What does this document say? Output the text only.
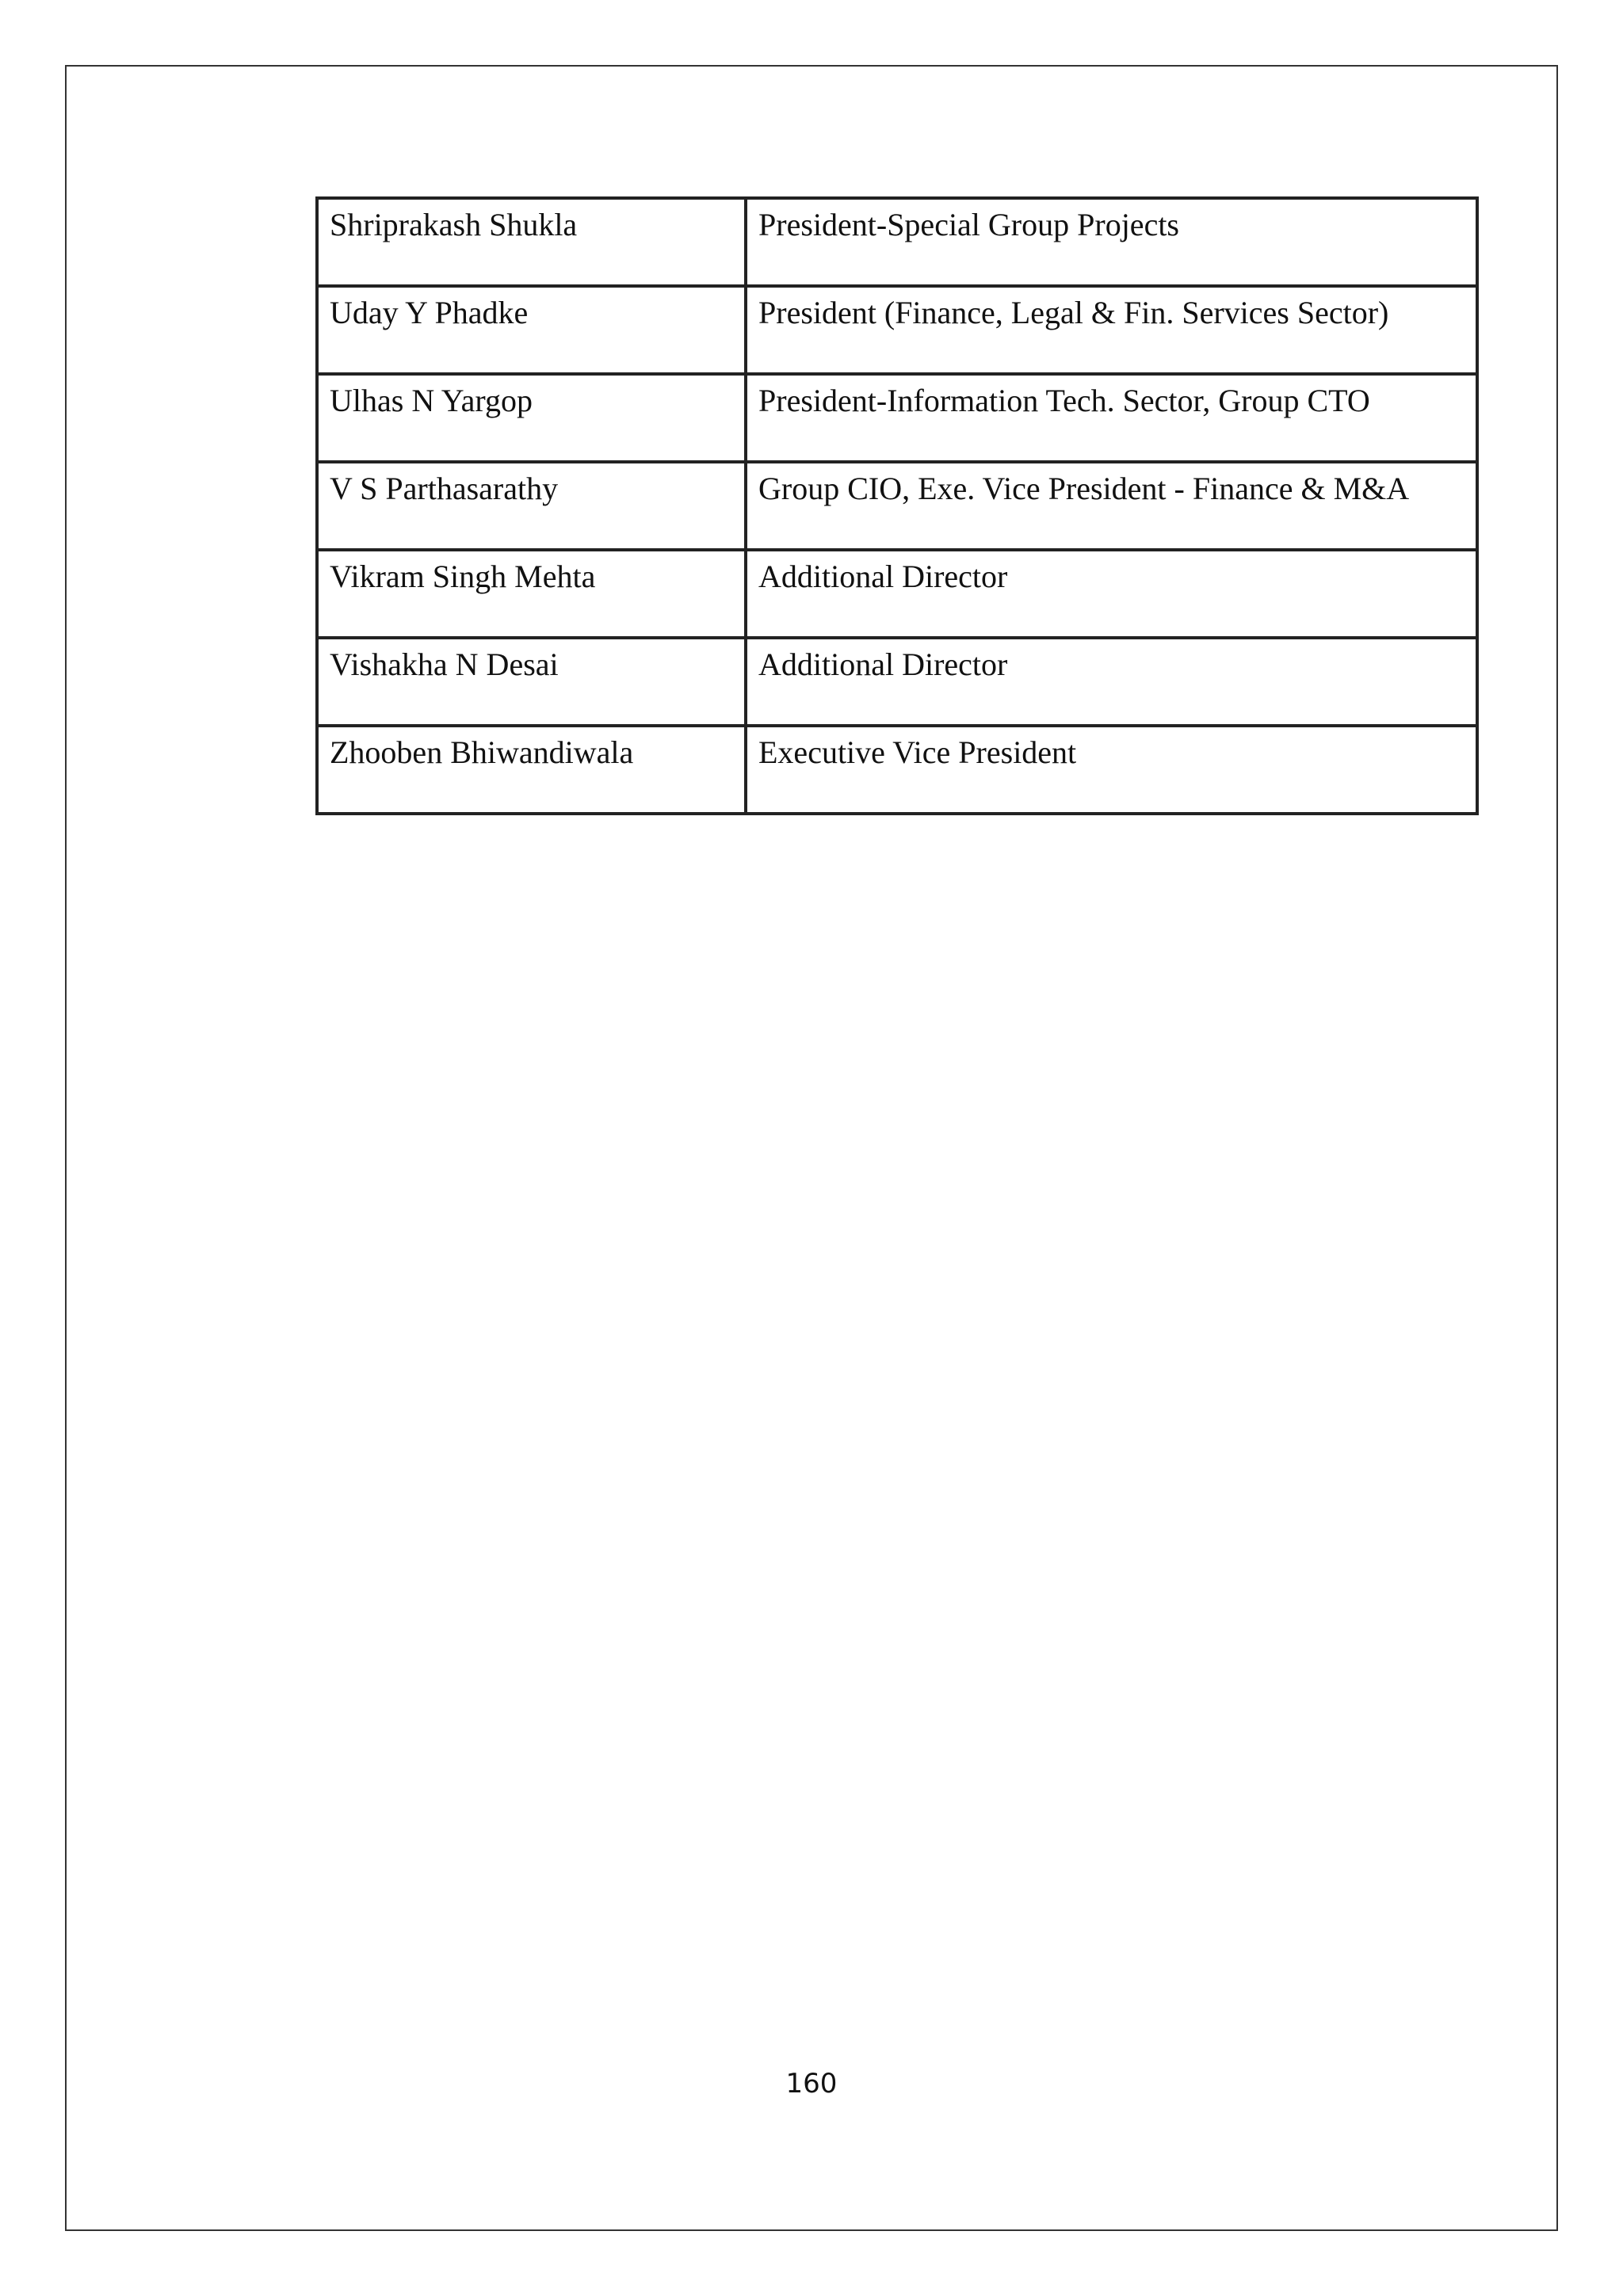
Shriprakash Shukla	President-Special Group Projects
Uday Y Phadke	President (Finance, Legal & Fin. Services Sector)
Ulhas N Yargop	President-Information Tech. Sector, Group CTO
V S Parthasarathy	Group CIO, Exe. Vice President - Finance & M&A
Vikram Singh Mehta	Additional Director
Vishakha N Desai	Additional Director
Zhooben Bhiwandiwala	Executive Vice President
160
